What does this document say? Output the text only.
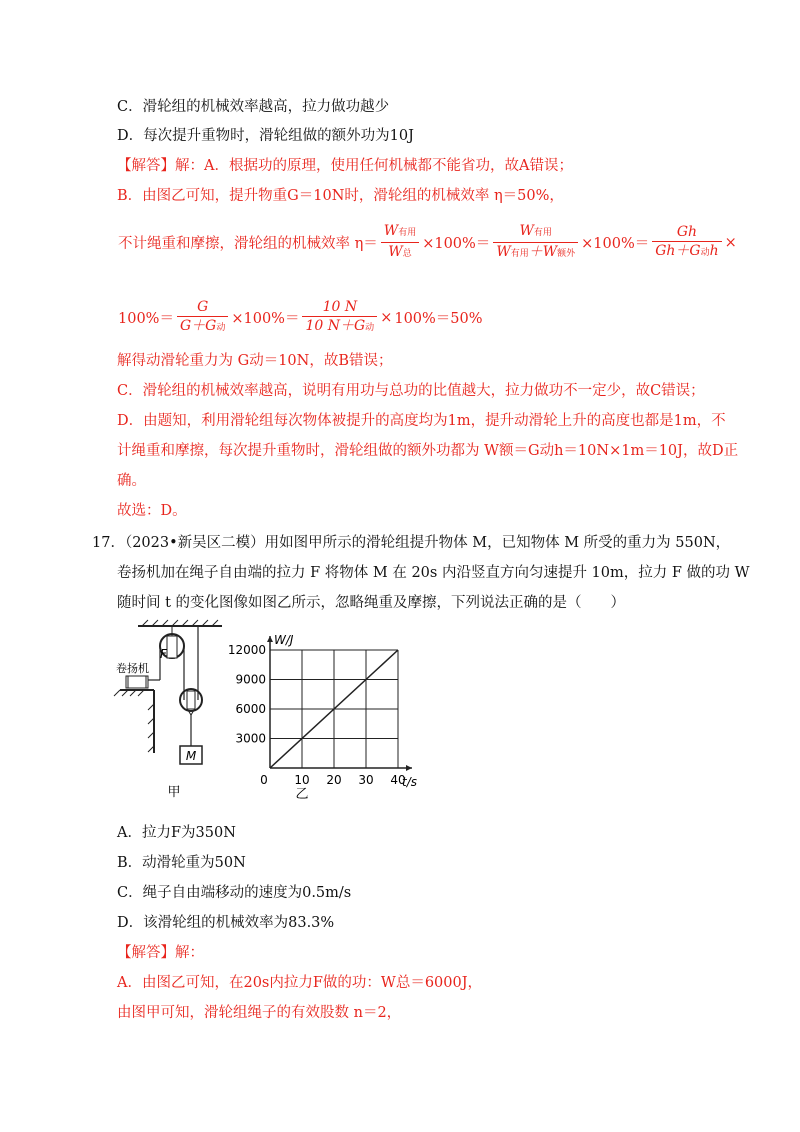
C．滑轮组的机械效率越高，拉力做功越少
D．每次提升重物时，滑轮组做的额外功为10J
【解答】解：A．根据功的原理，使用任何机械都不能省功，故A错误；
B．由图乙可知，提升物重G＝10N时，滑轮组的机械效率 η＝50%，
不计绳重和摩擦，滑轮组的机械效率 $\eta= \frac{\text{W有用}}{\text{W总}} \times 100\%= \frac{\text{W有用}}{\text{W有用＋W额外}} \times 100\%= \frac{Gh}{\text{Gh＋G动h}}$ ×
$100\%= \frac{G}{\text{G＋G动}} \times 100\%= \frac{10 N}{\text{10 N＋G动}} \times 100\%=50\%$
解得动滑轮重力为 G动＝10N，故B错误；
C．滑轮组的机械效率越高，说明有用功与总功的比值越大，拉力做功不一定少，故C错误；
D．由题知，利用滑轮组每次物体被提升的高度均为1m，提升动滑轮上升的高度也都是1m，不
计绳重和摩擦，每次提升重物时，滑轮组做的额外功都为 W额＝G动h＝10N×1m＝10J，故D正
确。
故选：D。
17．（2023•新吴区二模）用如图甲所示的滑轮组提升物体 M，已知物体 M 所受的重力为 550N，
卷扬机加在绳子自由端的拉力 F 将物体 M 在 20s 内沿竖直方向匀速提升 10m，拉力 F 做的功 W
随时间 t 的变化图像如图乙所示，忽略绳重及摩擦，下列说法正确的是（　　）
M
F
卷扬机
甲
10 20 30 40
3000
6000
9000
12000
0
W/J
t/s
乙
A．拉力F为350N
B．动滑轮重为50N
C．绳子自由端移动的速度为0.5m/s
D．该滑轮组的机械效率为83.3%
【解答】解：
A．由图乙可知，在20s内拉力F做的功：W总＝6000J，
由图甲可知，滑轮组绳子的有效股数 n＝2，
